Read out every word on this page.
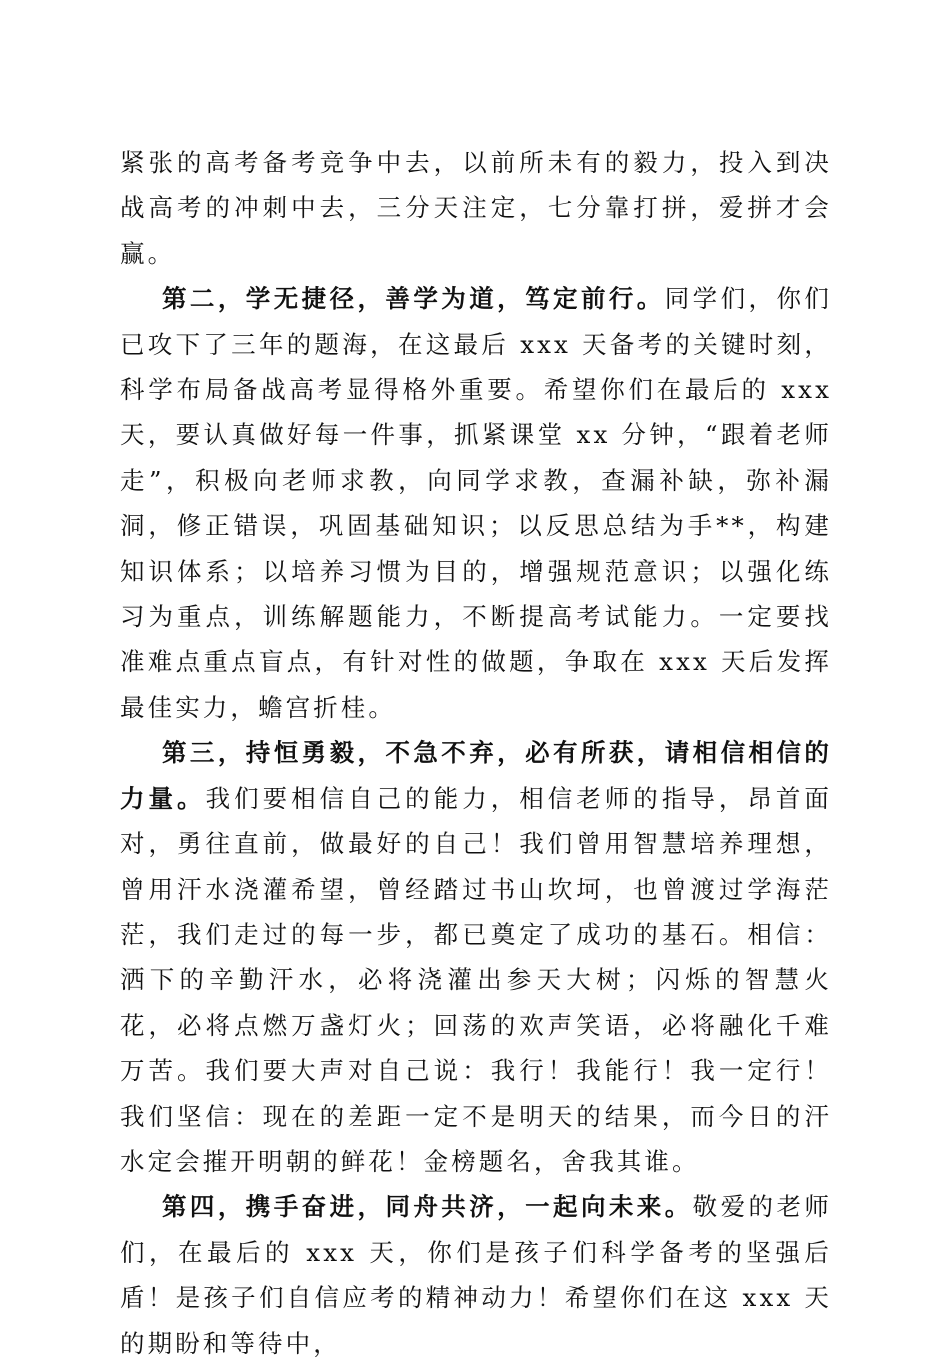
紧张的高考备考竞争中去，以前所未有的毅力，投入到决战高考的冲刺中去，三分天注定，七分靠打拼，爱拼才会赢。

第二，学无捷径，善学为道，笃定前行。同学们，你们已攻下了三年的题海，在这最后 xxx 天备考的关键时刻，科学布局备战高考显得格外重要。希望你们在最后的 xxx 天，要认真做好每一件事，抓紧课堂 xx 分钟，“跟着老师走”，积极向老师求教，向同学求教，查漏补缺，弥补漏洞，修正错误，巩固基础知识；以反思总结为手**，构建知识体系；以培养习惯为目的，增强规范意识；以强化练习为重点，训练解题能力，不断提高考试能力。一定要找准难点重点盲点，有针对性的做题，争取在 xxx 天后发挥最佳实力，蟾宫折桂。

第三，持恒勇毅，不急不弃，必有所获，请相信相信的力量。我们要相信自己的能力，相信老师的指导，昂首面对，勇往直前，做最好的自己！我们曾用智慧培养理想，曾用汗水浇灌希望，曾经踏过书山坎坷，也曾渡过学海茫茫，我们走过的每一步，都已奠定了成功的基石。相信：洒下的辛勤汗水，必将浇灌出参天大树；闪烁的智慧火花，必将点燃万盏灯火；回荡的欢声笑语，必将融化千难万苦。我们要大声对自己说：我行！我能行！我一定行！我们坚信：现在的差距一定不是明天的结果，而今日的汗水定会摧开明朝的鲜花！金榜题名，舍我其谁。

第四，携手奋进，同舟共济，一起向未来。敬爱的老师们，在最后的 xxx 天，你们是孩子们科学备考的坚强后盾！是孩子们自信应考的精神动力！希望你们在这 xxx 天的期盼和等待中，
